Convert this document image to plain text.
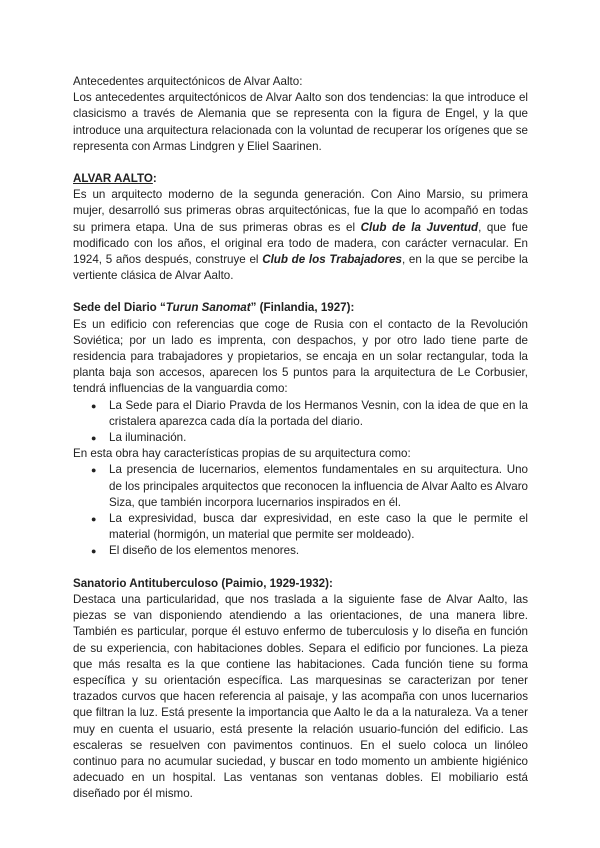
Antecedentes arquitectónicos de Alvar Aalto:

Los antecedentes arquitectónicos de Alvar Aalto son dos tendencias: la que introduce el clasicismo a través de Alemania que se representa con la figura de Engel, y la que introduce una arquitectura relacionada con la voluntad de recuperar los orígenes que se representa con Armas Lindgren y Eliel Saarinen.

ALVAR AALTO:

Es un arquitecto moderno de la segunda generación. Con Aino Marsio, su primera mujer, desarrolló sus primeras obras arquitectónicas, fue la que lo acompañó en todas su primera etapa. Una de sus primeras obras es el Club de la Juventud, que fue modificado con los años, el original era todo de madera, con carácter vernacular. En 1924, 5 años después, construye el Club de los Trabajadores, en la que se percibe la vertiente clásica de Alvar Aalto.

Sede del Diario “Turun Sanomat” (Finlandia, 1927):

Es un edificio con referencias que coge de Rusia con el contacto de la Revolución Soviética; por un lado es imprenta, con despachos, y por otro lado tiene parte de residencia para trabajadores y propietarios, se encaja en un solar rectangular, toda la planta baja son accesos, aparecen los 5 puntos para la arquitectura de Le Corbusier, tendrá influencias de la vanguardia como:

● La Sede para el Diario Pravda de los Hermanos Vesnin, con la idea de que en la cristalera aparezca cada día la portada del diario.
● La iluminación.

En esta obra hay características propias de su arquitectura como:

● La presencia de lucernarios, elementos fundamentales en su arquitectura. Uno de los principales arquitectos que reconocen la influencia de Alvar Aalto es Alvaro Siza, que también incorpora lucernarios inspirados en él.
● La expresividad, busca dar expresividad, en este caso la que le permite el material (hormigón, un material que permite ser moldeado).
● El diseño de los elementos menores.

Sanatorio Antituberculoso (Paimio, 1929-1932):

Destaca una particularidad, que nos traslada a la siguiente fase de Alvar Aalto, las piezas se van disponiendo atendiendo a las orientaciones, de una manera libre. También es particular, porque él estuvo enfermo de tuberculosis y lo diseña en función de su experiencia, con habitaciones dobles. Separa el edificio por funciones. La pieza que más resalta es la que contiene las habitaciones. Cada función tiene su forma específica y su orientación específica. Las marquesinas se caracterizan por tener trazados curvos que hacen referencia al paisaje, y las acompaña con unos lucernarios que filtran la luz. Está presente la importancia que Aalto le da a la naturaleza. Va a tener muy en cuenta el usuario, está presente la relación usuario-función del edificio. Las escaleras se resuelven con pavimentos continuos. En el suelo coloca un linóleo continuo para no acumular suciedad, y buscar en todo momento un ambiente higiénico adecuado en un hospital. Las ventanas son ventanas dobles. El mobiliario está diseñado por él mismo.
